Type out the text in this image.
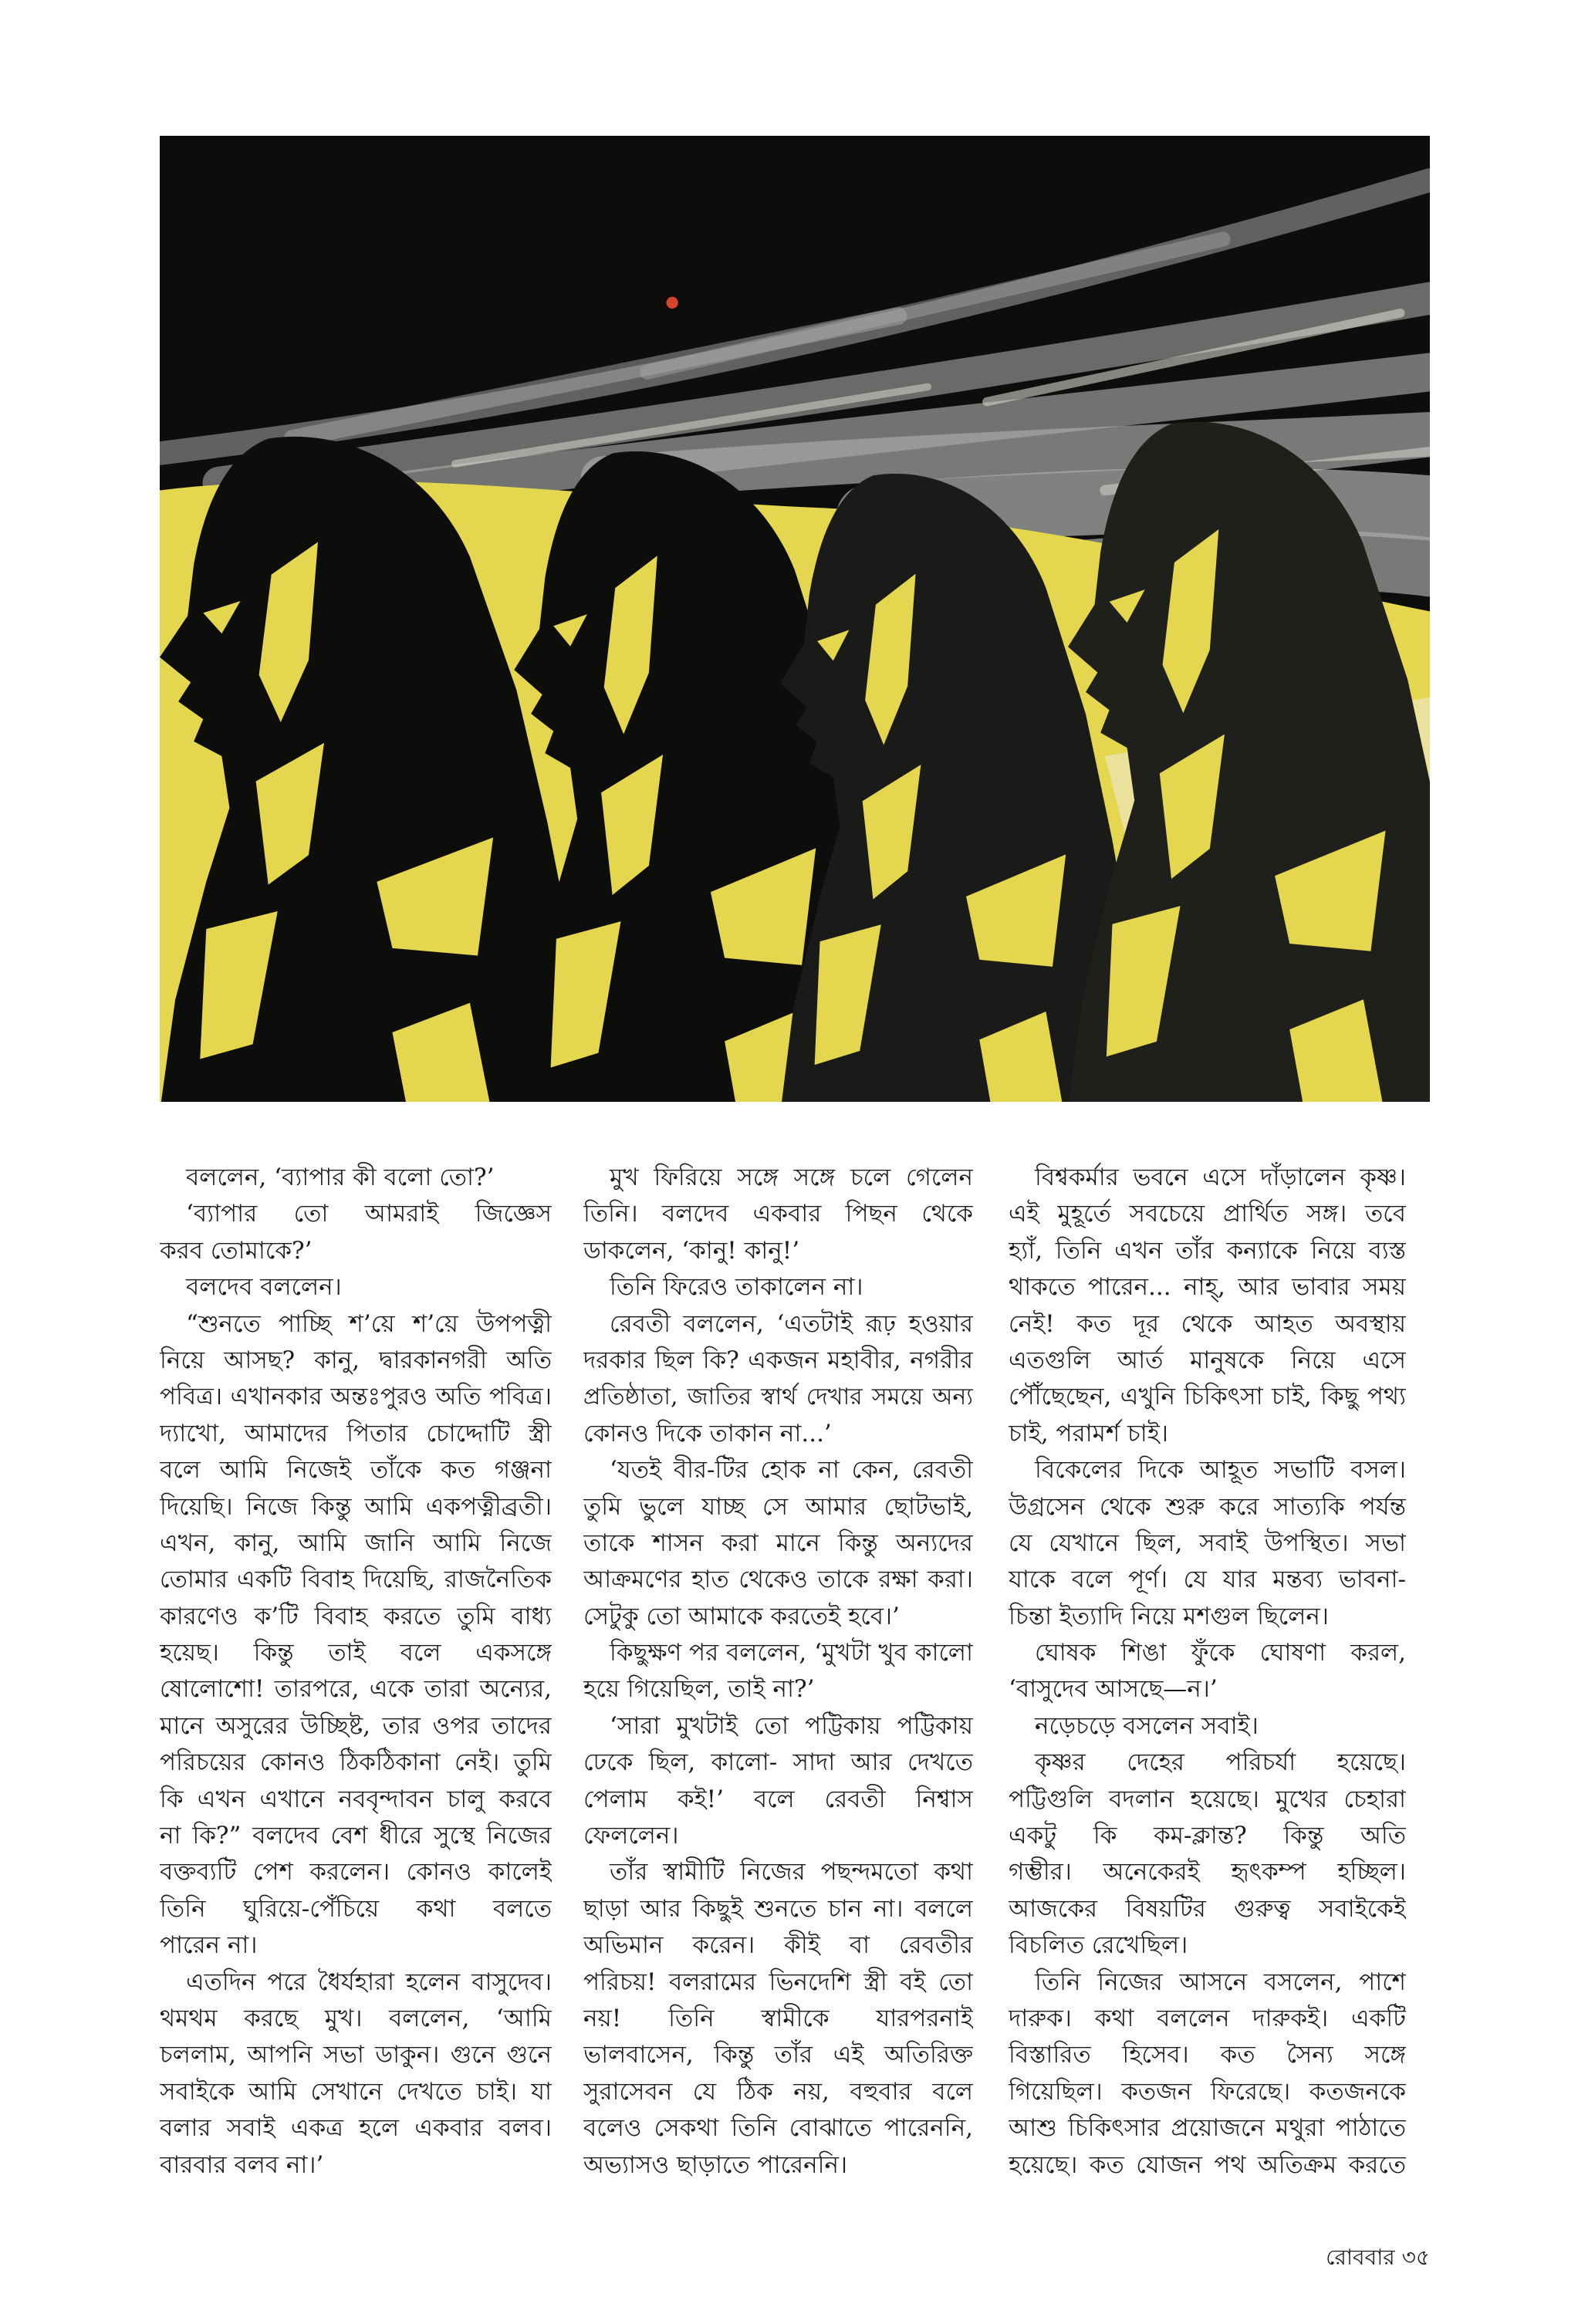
বললেন, ‘ব্যাপার কী বলো তো?’
‘ব্যাপার তো আমরাই জিজ্ঞেস
করব তোমাকে?’
বলদেব বললেন।
“শুনতে পাচ্ছি শ’য়ে শ’য়ে উপপত্নী
নিয়ে আসছ? কানু, দ্বারকানগরী অতি
পবিত্র। এখানকার অন্তঃপুরও অতি পবিত্র।
দ্যাখো, আমাদের পিতার চোদ্দোটি স্ত্রী
বলে আমি নিজেই তাঁকে কত গঞ্জনা
দিয়েছি। নিজে কিন্তু আমি একপত্নীব্রতী।
এখন, কানু, আমি জানি আমি নিজে
তোমার একটি বিবাহ দিয়েছি, রাজনৈতিক
কারণেও ক’টি বিবাহ করতে তুমি বাধ্য
হয়েছ। কিন্তু তাই বলে একসঙ্গে
ষোলোশো! তারপরে, একে তারা অন্যের,
মানে অসুরের উচ্ছিষ্ট, তার ওপর তাদের
পরিচয়ের কোনও ঠিকঠিকানা নেই। তুমি
কি এখন এখানে নববৃন্দাবন চালু করবে
না কি?” বলদেব বেশ ধীরে সুস্থে নিজের
বক্তব্যটি পেশ করলেন। কোনও কালেই
তিনি ঘুরিয়ে-পেঁচিয়ে কথা বলতে
পারেন না।
এতদিন পরে ধৈর্যহারা হলেন বাসুদেব।
থমথম করছে মুখ। বললেন, ‘আমি
চললাম, আপনি সভা ডাকুন। গুনে গুনে
সবাইকে আমি সেখানে দেখতে চাই। যা
বলার সবাই একত্র হলে একবার বলব।
বারবার বলব না।’
মুখ ফিরিয়ে সঙ্গে সঙ্গে চলে গেলেন
তিনি। বলদেব একবার পিছন থেকে
ডাকলেন, ‘কানু! কানু!’
তিনি ফিরেও তাকালেন না।
রেবতী বললেন, ‘এতটাই রূঢ় হওয়ার
দরকার ছিল কি? একজন মহাবীর, নগরীর
প্রতিষ্ঠাতা, জাতির স্বার্থ দেখার সময়ে অন্য
কোনও দিকে তাকান না...’
‘যতই বীর-টির হোক না কেন, রেবতী
তুমি ভুলে যাচ্ছ সে আমার ছোটভাই,
তাকে শাসন করা মানে কিন্তু অন্যদের
আক্রমণের হাত থেকেও তাকে রক্ষা করা।
সেটুকু তো আমাকে করতেই হবে।’
কিছুক্ষণ পর বললেন, ‘মুখটা খুব কালো
হয়ে গিয়েছিল, তাই না?’
‘সারা মুখটাই তো পট্টিকায় পট্টিকায়
ঢেকে ছিল, কালো- সাদা আর দেখতে
পেলাম কই!’ বলে রেবতী নিশ্বাস
ফেললেন।
তাঁর স্বামীটি নিজের পছন্দমতো কথা
ছাড়া আর কিছুই শুনতে চান না। বললে
অভিমান করেন। কীই বা রেবতীর
পরিচয়! বলরামের ভিনদেশি স্ত্রী বই তো
নয়! তিনি স্বামীকে যারপরনাই
ভালবাসেন, কিন্তু তাঁর এই অতিরিক্ত
সুরাসেবন যে ঠিক নয়, বহুবার বলে
বলেও সেকথা তিনি বোঝাতে পারেননি,
অভ্যাসও ছাড়াতে পারেননি।
বিশ্বকর্মার ভবনে এসে দাঁড়ালেন কৃষ্ণ।
এই মুহূর্তে সবচেয়ে প্রার্থিত সঙ্গ। তবে
হ্যাঁ, তিনি এখন তাঁর কন্যাকে নিয়ে ব্যস্ত
থাকতে পারেন... নাহ্‌, আর ভাবার সময়
নেই! কত দূর থেকে আহত অবস্থায়
এতগুলি আর্ত মানুষকে নিয়ে এসে
পৌঁছেছেন, এখুনি চিকিৎসা চাই, কিছু পথ্য
চাই, পরামর্শ চাই।
বিকেলের দিকে আহূত সভাটি বসল।
উগ্রসেন থেকে শুরু করে সাত্যকি পর্যন্ত
যে যেখানে ছিল, সবাই উপস্থিত। সভা
যাকে বলে পূর্ণ। যে যার মন্তব্য ভাবনা-
চিন্তা ইত্যাদি নিয়ে মশগুল ছিলেন।
ঘোষক শিঙা ফুঁকে ঘোষণা করল,
‘বাসুদেব আসছে—ন।’
নড়েচড়ে বসলেন সবাই।
কৃষ্ণর দেহের পরিচর্যা হয়েছে।
পট্টিগুলি বদলান হয়েছে। মুখের চেহারা
একটু কি কম-ক্লান্ত? কিন্তু অতি
গম্ভীর। অনেকেরই হৃৎকম্প হচ্ছিল।
আজকের বিষয়টির গুরুত্ব সবাইকেই
বিচলিত রেখেছিল।
তিনি নিজের আসনে বসলেন, পাশে
দারুক। কথা বললেন দারুকই। একটি
বিস্তারিত হিসেব। কত সৈন্য সঙ্গে
গিয়েছিল। কতজন ফিরেছে। কতজনকে
আশু চিকিৎসার প্রয়োজনে মথুরা পাঠাতে
হয়েছে। কত যোজন পথ অতিক্রম করতে
রোববার ৩৫
